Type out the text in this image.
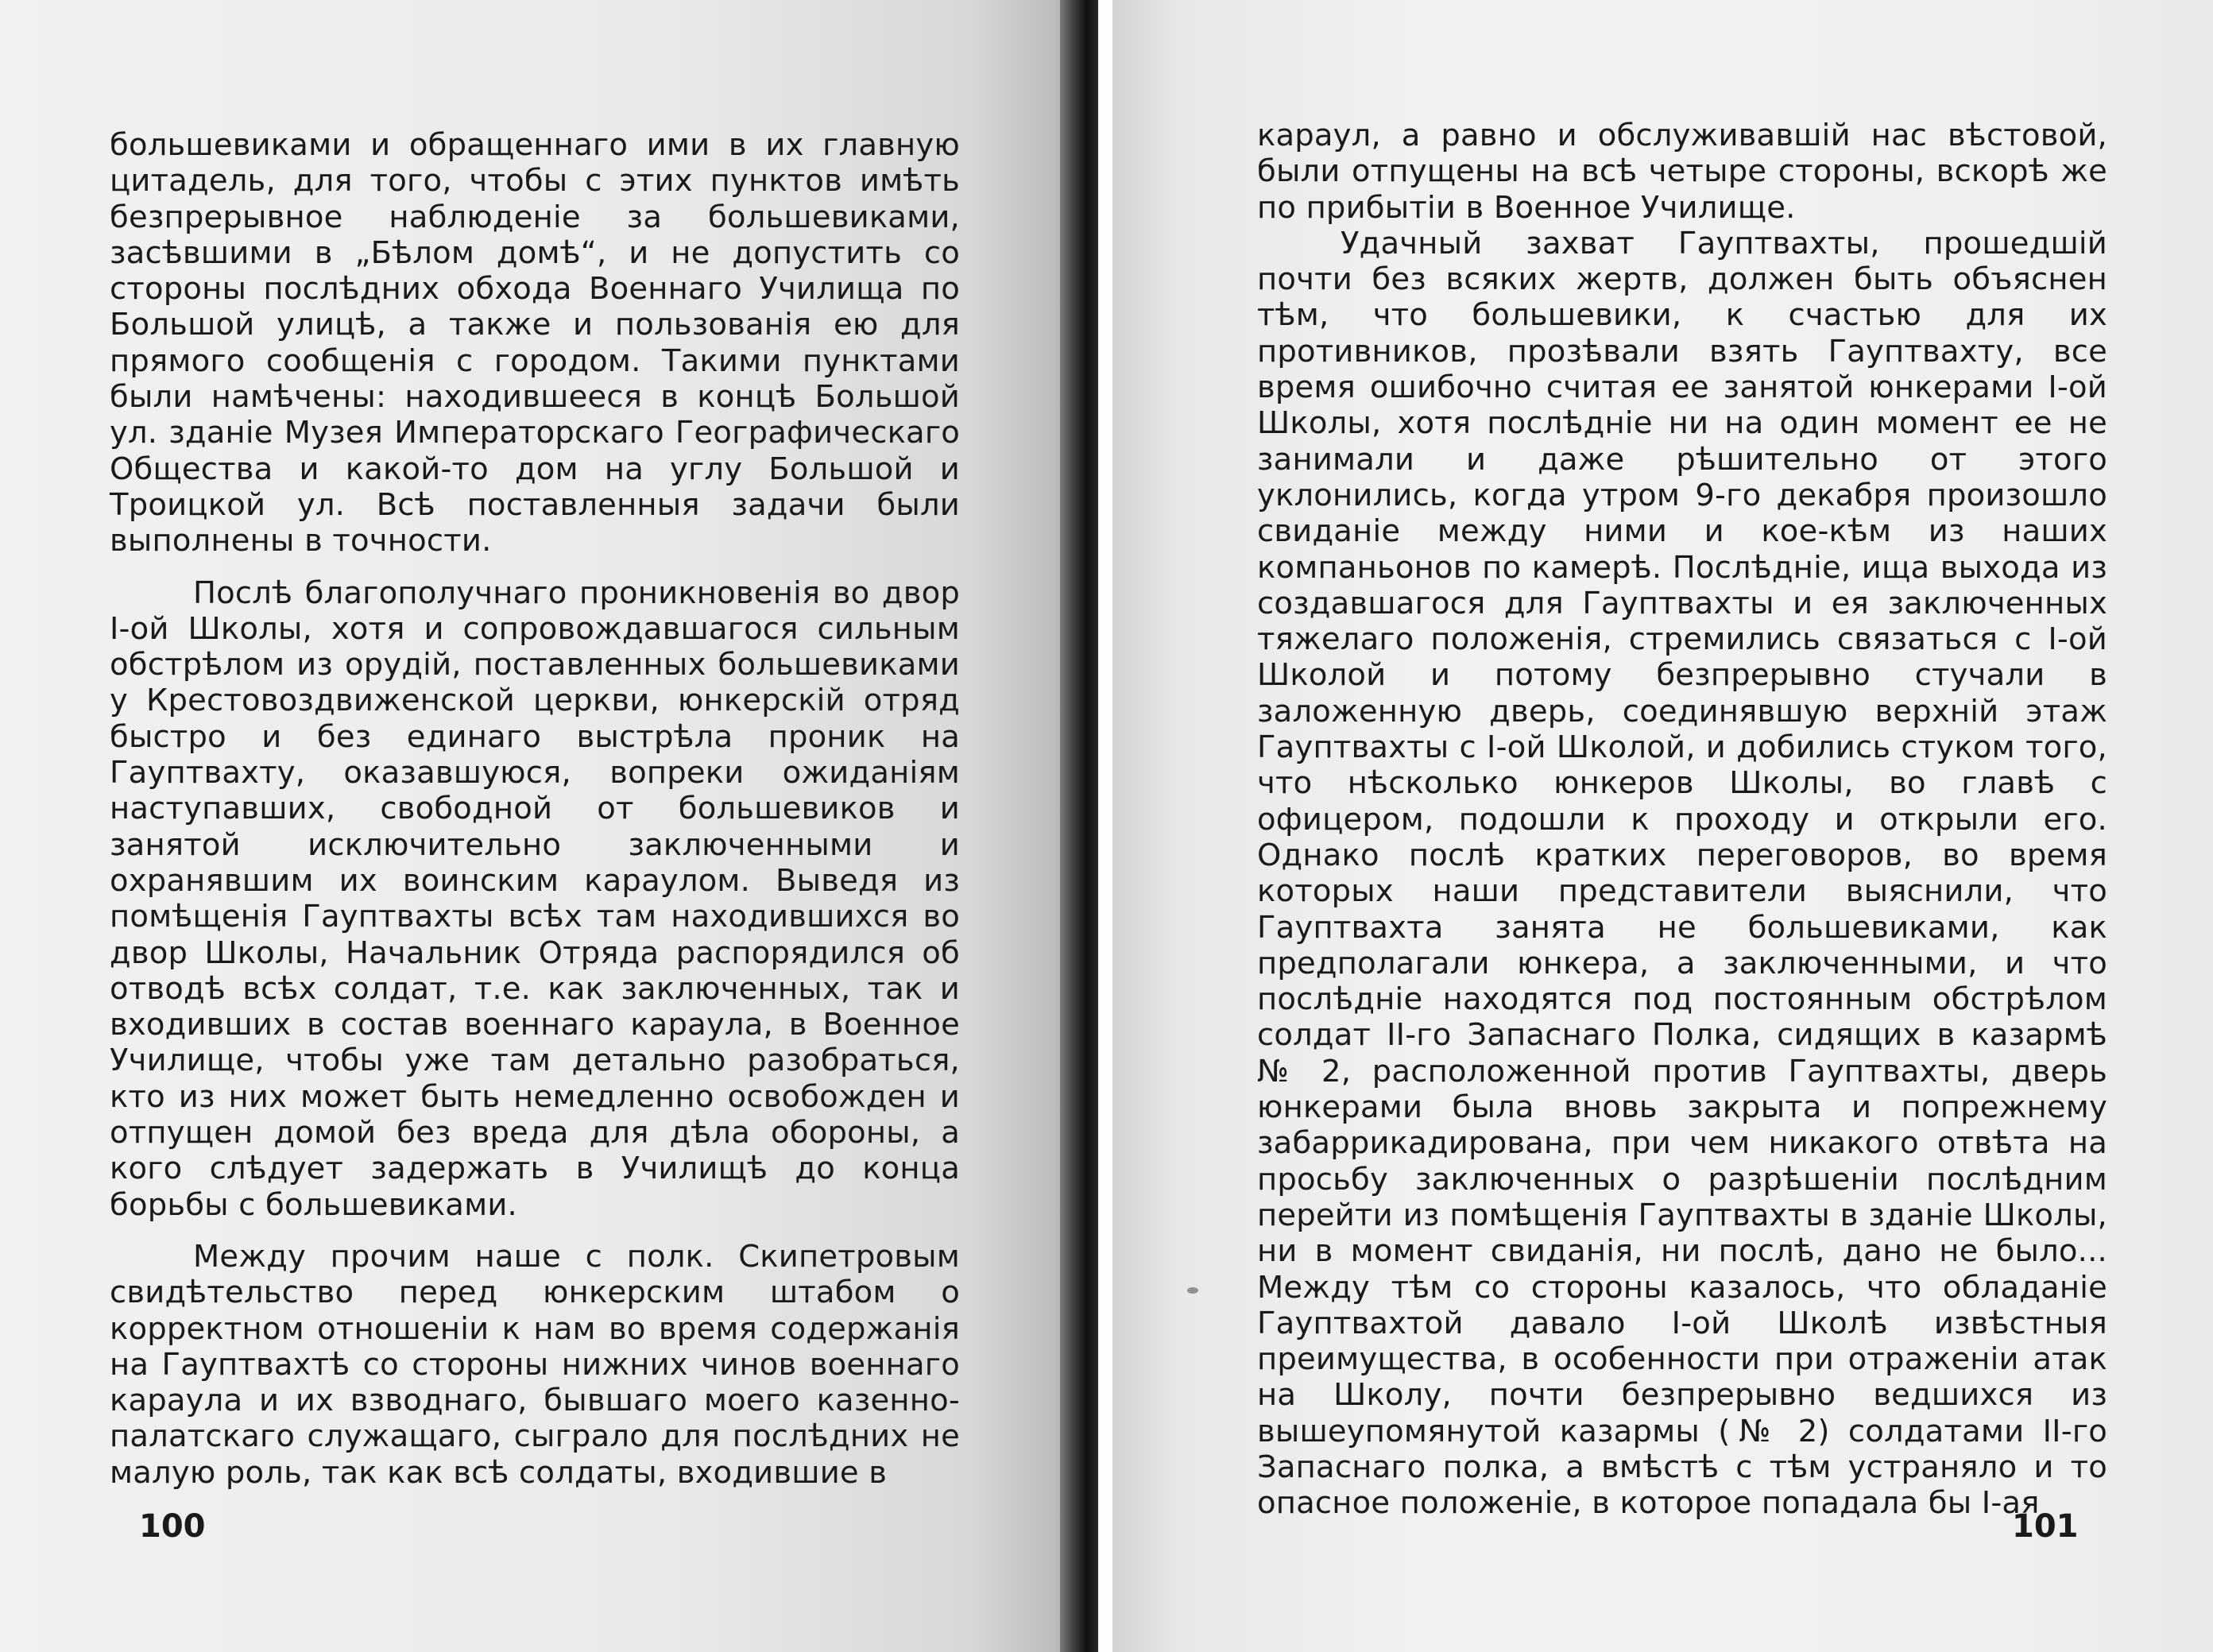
большевиками и обращеннаго ими в их главную цитадель, для того, чтобы с этих пунктов имѣть безпрерывное наблюденіе за большевиками, засѣвшими в „Бѣлом домѣ“, и не допустить со стороны послѣдних обхода Военнаго Училища по Большой улицѣ, а также и пользованія ею для прямого сообщенія с городом. Такими пунктами были намѣчены: находившееся в концѣ Большой ул. зданіе Музея Императорскаго Географическаго Общества и какой-то дом на углу Большой и Троицкой ул. Всѣ поставленныя задачи были выполнены в точности.

Послѣ благополучнаго проникновенія во двор І-ой Школы, хотя и сопровождавшагося сильным обстрѣлом из орудій, поставленных большевиками у Крестовоздвиженской церкви, юнкерскій отряд быстро и без единаго выстрѣла проник на Гауптвахту, оказавшуюся, вопреки ожиданіям наступавших, свободной от большевиков и занятой исключительно заключенными и охранявшим их воинским караулом. Выведя из помѣщенія Гауптвахты всѣх там находившихся во двор Школы, Начальник Отряда распорядился об отводѣ всѣх солдат, т.е. как заключенных, так и входивших в состав военнаго караула, в Военное Училище, чтобы уже там детально разобраться, кто из них может быть немедленно освобожден и отпущен домой без вреда для дѣла обороны, а кого слѣдует задержать в Училищѣ до конца борьбы с большевиками.

Между прочим наше с полк. Скипетровым свидѣтельство перед юнкерским штабом о корректном отношеніи к нам во время содержанія на Гауптвахтѣ со стороны нижних чинов военнаго караула и их взводнаго, бывшаго моего казенно-палатскаго служащаго, сыграло для послѣдних не малую роль, так как всѣ солдаты, входившие в

100

караул, а равно и обслуживавшій нас вѣстовой, были отпущены на всѣ четыре стороны, вскорѣ же по прибытіи в Военное Училище.

Удачный захват Гауптвахты, прошедшій почти без всяких жертв, должен быть объяснен тѣм, что большевики, к счастью для их противников, прозѣвали взять Гауптвахту, все время ошибочно считая ее занятой юнкерами І-ой Школы, хотя послѣдніе ни на один момент ее не занимали и даже рѣшительно от этого уклонились, когда утром 9-го декабря произошло свиданіе между ними и кое-кѣм из наших компаньонов по камерѣ. Послѣдніе, ища выхода из создавшагося для Гауптвахты и ея заключенных тяжелаго положенія, стремились связаться с І-ой Школой и потому безпрерывно стучали в заложенную дверь, соединявшую верхній этаж Гауптвахты с І-ой Школой, и добились стуком того, что нѣсколько юнкеров Школы, во главѣ с офицером, подошли к проходу и открыли его. Однако послѣ кратких переговоров, во время которых наши представители выяснили, что Гауптвахта занята не большевиками, как предполагали юнкера, а заключенными, и что послѣдніе находятся под постоянным обстрѣлом солдат ІІ-го Запаснаго Полка, сидящих в казармѣ № 2, расположенной против Гауптвахты, дверь юнкерами была вновь закрыта и попрежнему забаррикадирована, при чем никакого отвѣта на просьбу заключенных о разрѣшеніи послѣдним перейти из помѣщенія Гауптвахты в зданіе Школы, ни в момент свиданія, ни послѣ, дано не было... Между тѣм со стороны казалось, что обладаніе Гауптвахтой давало І-ой Школѣ извѣстныя преимущества, в особенности при отраженіи атак на Школу, почти безпрерывно ведшихся из вышеупомянутой казармы (№ 2) солдатами ІІ-го Запаснаго полка, а вмѣстѣ с тѣм устраняло и то опасное положеніе, в которое попадала бы І-ая

101
